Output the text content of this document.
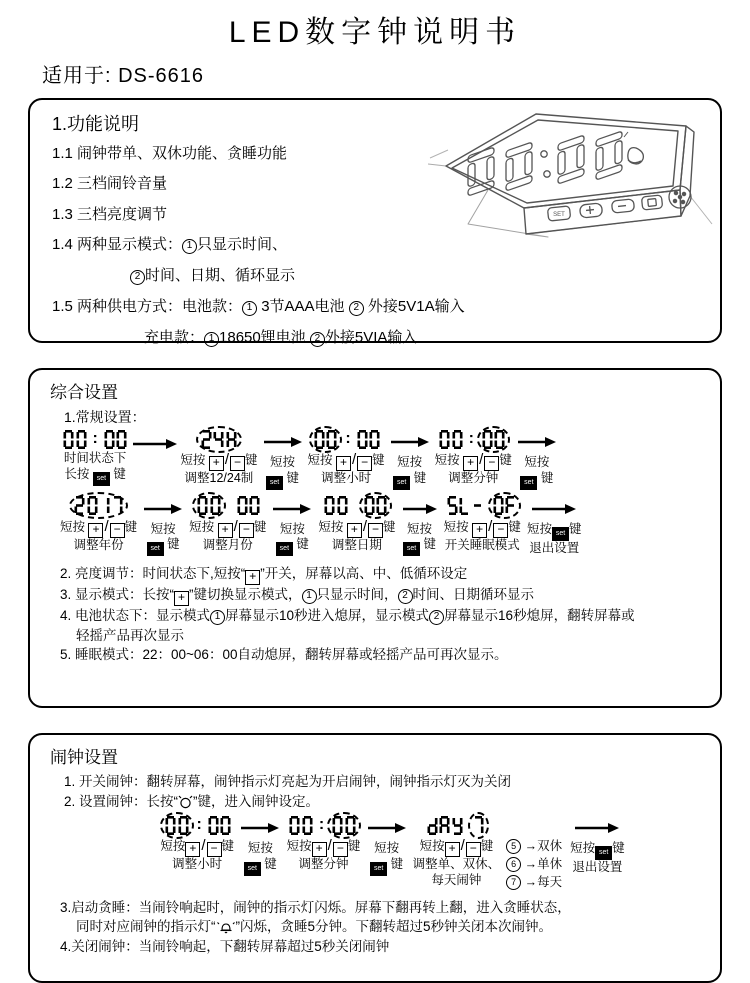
LED数字钟说明书
适用于: DS-6616
1.功能说明
1.1 闹钟带单、双休功能、贪睡功能
1.2 三档闹铃音量
1.3 三档亮度调节
1.4 两种显示模式： 1 只显示时间、
2 时间、日期、循环显示
1.5 两种供电方式：电池款： 1 3节AAA电池 2 外接5V1A输入
充电款： 1 18650锂电池 2 外接5VIA输入
SET
综合设置
1.常规设置：
:
时间状态下
长按 set 键
短按 + / − 键
调整12/24制
短按
set 键
:
短按 + / − 键
调整小时
短按
set 键
:
短按 + / − 键
调整分钟
短按
set 键
短按 + / − 键
调整年份
短按
set 键
短按 + / − 键
调整月份
短按
set 键
短按 + / − 键
调整日期
短按
set 键
短按 + / − 键
开关睡眠模式
短按 set 键
退出设置
2. 亮度调节：时间状态下,短按“ + ”开关，屏幕以高、中、低循环设定
3. 显示模式：长按“ + ”键切换显示模式， 1 只显示时间， 2 时间、日期循环显示
4. 电池状态下：显示模式 1 屏幕显示10秒进入熄屏，显示模式 2 屏幕显示16秒熄屏，翻转屏幕或
轻摇产品再次显示
5. 睡眠模式：22：00~06：00自动熄屏，翻转屏幕或轻摇产品可再次显示。
闹钟设置
1. 开关闹钟：翻转屏幕，闹钟指示灯亮起为开启闹钟，闹钟指示灯灭为关闭
2. 设置闹钟：长按“ ”键，进入闹钟设定。
:
短按 + / − 键
调整小时
短按
set 键
:
短按 + / − 键
调整分钟
短按
set 键
短按 + / − 键
调整单、双休、
每天闹钟
5 →双休
6 →单休
7 →每天
短按 set 键
退出设置
3.启动贪睡：当闹铃响起时，闹钟的指示灯闪烁。屏幕下翻再转上翻，进入贪睡状态，
同时对应闹钟的指示灯“ ”闪烁，贪睡5分钟。下翻转超过5秒钟关闭本次闹钟。
4.关闭闹钟：当闹铃响起，下翻转屏幕超过5秒关闭闹钟
